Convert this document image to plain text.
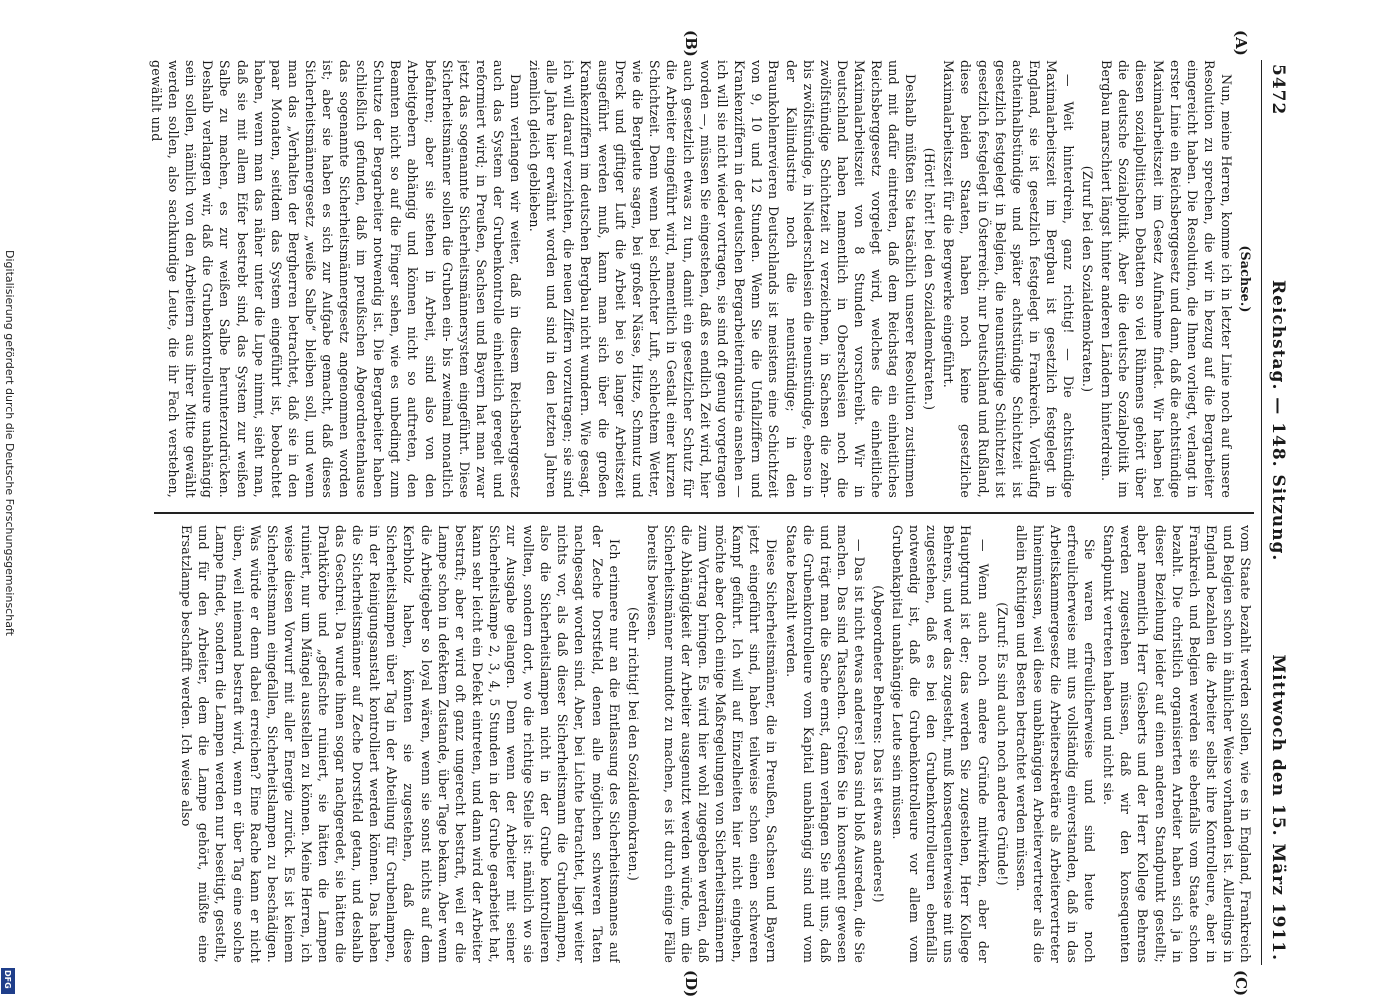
Digitalisierung gefördert durch die Deutsche Forschungsgemeinschaft
DFG
5472
Reichstag. — 148. Sitzung.
Mittwoch den 15. März 1911.
(A)
(B)
(C)
(D)

(Sachse.)

Nun, meine Herren, komme ich in letzter Linie noch auf unsere Resolution zu sprechen, die wir in bezug auf die Bergarbeiter eingereicht haben. Die Resolution, die Ihnen vorliegt, verlangt in erster Linie ein Reichsberggesetz und dann, daß die achtstündige Maximalarbeitszeit im Gesetz Aufnahme findet. Wir haben bei diesen sozialpolitischen Debatten so viel Rühmens gehört über die deutsche Sozialpolitik. Aber die deutsche Sozialpolitik im Bergbau marschiert längst hinter anderen Ländern hinterdrein.

(Zuruf bei den Sozialdemokraten.)

— Weit hinterdrein, ganz richtig! — Die achtstündige Maximalarbeitszeit im Bergbau ist gesetzlich festgelegt in England, sie ist gesetzlich festgelegt in Frankreich. Vorläufig achteinhalbstündige und später achtstündige Schichtzeit ist gesetzlich festgelegt in Belgien, die neunstündige Schichtzeit ist gesetzlich festgelegt in Österreich; nur Deutschland und Rußland, diese beiden Staaten, haben noch keine gesetzliche Maximalarbeitszeit für die Bergwerke eingeführt.

(Hört! hört! bei den Sozialdemokraten.)

Deshalb müßten Sie tatsächlich unserer Resolution zustimmen und mit dafür eintreten, daß dem Reichstag ein einheitliches Reichsberggesetz vorgelegt wird, welches die einheitliche Maximalarbeitszeit von 8 Stunden vorschreibt. Wir in Deutschland haben namentlich in Oberschlesien noch die zwölfstündige Schichtzeit zu verzeichnen, in Sachsen die zehn- bis zwölfstündige, in Niederschlesien die neunstündige, ebenso in der Kaliindustrie noch die neunstündige; in den Braunkohlenrevieren Deutschlands ist meistens eine Schichtzeit von 9, 10 und 12 Stunden. Wenn Sie die Unfallziffern und Krankenziffern in der deutschen Bergarbeiterindustrie ansehen — ich will sie nicht wieder vortragen, sie sind oft genug vorgetragen worden —, müssen Sie eingestehen, daß es endlich Zeit wird, hier auch gesetzlich etwas zu tun, damit ein gesetzlicher Schutz für die Arbeiter eingeführt wird, namentlich in Gestalt einer kurzen Schichtzeit. Denn wenn bei schlechter Luft, schlechtem Wetter, wie die Bergleute sagen, bei großer Nässe, Hitze, Schmutz und Dreck und giftiger Luft die Arbeit bei so langer Arbeitszeit ausgeführt werden muß, kann man sich über die großen Krankenziffern im deutschen Bergbau nicht wundern. Wie gesagt, ich will darauf verzichten, die neuen Ziffern vorzutragen; sie sind alle Jahre hier erwähnt worden und sind in den letzten Jahren ziemlich gleich geblieben.

Dann verlangen wir weiter, daß in diesem Reichsberggesetz auch das System der Grubenkontrolle einheitlich geregelt und reformiert wird; in Preußen, Sachsen und Bayern hat man zwar jetzt das sogenannte Sicherheitsmännersystem eingeführt. Diese Sicherheitsmänner sollen die Gruben ein- bis zweimal monatlich befahren; aber sie stehen in Arbeit, sind also von den Arbeitgebern abhängig und können nicht so auftreten, den Beamten nicht so auf die Finger sehen, wie es unbedingt zum Schutze der Bergarbeiter notwendig ist. Die Bergarbeiter haben schließlich gefunden, daß im preußischen Abgeordnetenhause das sogenannte Sicherheitsmännergesetz angenommen worden ist; aber sie haben es sich zur Aufgabe gemacht, daß dieses Sicherheitsmännergesetz „weiße Salbe“ bleiben soll, und wenn man das „Verhalten der Bergherren betrachtet, daß sie in den paar Monaten, seitdem das System eingeführt ist, beobachtet haben, wenn man das näher unter die Lupe nimmt, sieht man, daß sie mit allem Eifer bestrebt sind, das System zur weißen Salbe zu machen, es zur weißen Salbe herunterzudrücken. Deshalb verlangen wir, daß die Grubenkontrolleure unabhängig sein sollen, nämlich von den Arbeitern aus ihrer Mitte gewählt werden sollen, also sachkundige Leute, die ihr Fach verstehen, gewählt und

vom Staate bezahlt werden sollen, wie es in England, Frankreich und Belgien schon in ähnlicher Weise vorhanden ist. Allerdings in England bezahlen die Arbeiter selbst ihre Kontrolleure, aber in Frankreich und Belgien werden sie ebenfalls vom Staate schon bezahlt. Die christlich organisierten Arbeiter haben sich ja in dieser Beziehung leider auf einen anderen Standpunkt gestellt; aber namentlich Herr Giesberts und der Herr Kollege Behrens werden zugestehen müssen, daß wir den konsequenten Standpunkt vertreten haben und nicht sie.

Sie waren erfreulicherweise und sind heute noch erfreulicherweise mit uns vollständig einverstanden, daß in das Arbeitskammergesetz die Arbeitersekretäre als Arbeitervertreter hineinmüssen, weil diese unabhängigen Arbeitervertreter als die allein Richtigen und Besten betrachtet werden müssen.

(Zuruf: Es sind auch noch andere Gründe!)

— Wenn auch noch andere Gründe mitwirken, aber der Hauptgrund ist der; das werden Sie zugestehen, Herr Kollege Behrens, und wer das zugesteht, muß konsequenterweise mit uns zugestehen, daß es bei den Grubenkontrolleuren ebenfalls notwendig ist, daß die Grubenkontrolleure vor allem vom Grubenkapital unabhängige Leute sein müssen.

(Abgeordneter Behrens: Das ist etwas anderes!)

— Das ist nicht etwas anderes! Das sind bloß Ausreden, die Sie machen. Das sind Tatsachen. Greifen Sie in konsequent gewesen und trägt man die Sache ernst, dann verlangen Sie mit uns, daß die Grubenkontrolleure vom Kapital unabhängig sind und vom Staate bezahlt werden.

Diese Sicherheitsmänner, die in Preußen, Sachsen und Bayern jetzt eingeführt sind, haben teilweise schon einen schweren Kampf geführt. Ich will auf Einzelheiten hier nicht eingehen, möchte aber doch einige Maßregelungen von Sicherheitsmännern zum Vortrag bringen. Es wird hier wohl zugegeben werden, daß die Abhängigkeit der Arbeiter ausgenutzt werden würde, um die Sicherheitsmänner mundtot zu machen, es ist durch einige Fälle bereits bewiesen.

(Sehr richtig! bei den Sozialdemokraten.)

Ich erinnere nur an die Entlassung des Sicherheitsmannes auf der Zeche Dorstfeld, denen alle möglichen schweren Taten nachgesagt worden sind. Aber, bei Lichte betrachtet, liegt weiter nichts vor, als daß dieser Sicherheitsmann die Grubenlampen, also die Sicherheitslampen nicht in der Grube kontrollieren wollten, sondern dort, wo die richtige Stelle ist: nämlich wo sie zur Ausgabe gelangen. Denn wenn der Arbeiter mit seiner Sicherheitslampe 2, 3, 4, 5 Stunden in der Grube gearbeitet hat, kann sehr leicht ein Defekt eintreten, und dann wird der Arbeiter bestraft; aber er wird oft ganz ungerecht bestraft, weil er die Lampe schon in defektem Zustande, über Tage bekam. Aber wenn die Arbeitgeber so loyal wären, wenn sie sonst nichts auf dem Kerbholz haben, könnten sie zugestehen, daß diese Sicherheitslampen über Tag in der Abteilung für Grubenlampen, in der Reinigungsanstalt kontrolliert werden können. Das haben die Sicherheitsmänner auf Zeche Dorstfeld getan, und deshalb das Geschrei. Da wurde ihnen sogar nachgeredet, sie hätten die Drahtkörbe und „gefischte ruiniert, sie hätten die Lampen ruiniert, nur um Mängel ausstellen zu können. Meine Herren, ich weise diesen Vorwurf mit aller Energie zurück. Es ist keinem Sicherheitsmann eingefallen, Sicherheitslampen zu beschädigen. Was würde er denn dabei erreichen? Eine Rache kann er nicht üben, weil niemand bestraft wird, wenn er über Tag eine solche Lampe findet, sondern die Lampen werden nur beseitigt, gestellt, und für den Arbeiter, dem die Lampe gehört, müßte eine Ersatzlampe beschafft werden. Ich weise also
